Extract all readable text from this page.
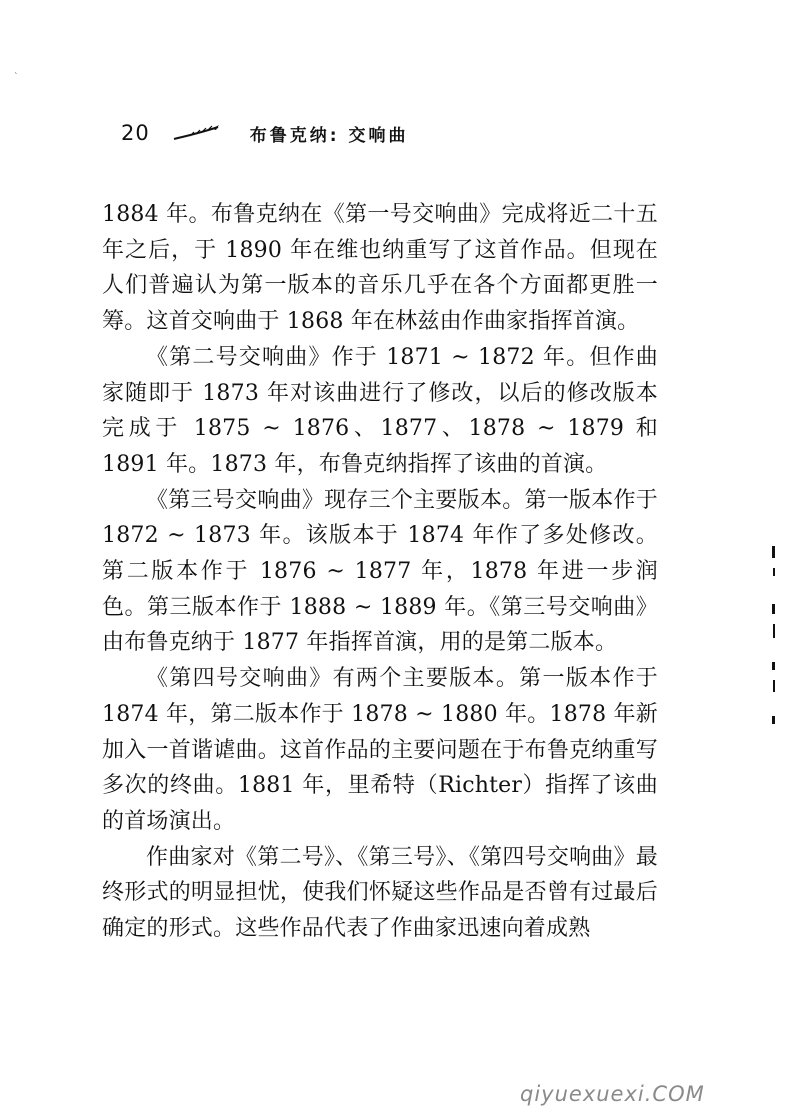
ˋ
20	布鲁克纳: 交响曲

1884 年。布鲁克纳在《第一号交响曲》完成将近二十五年之后，于 1890 年在维也纳重写了这首作品。但现在人们普遍认为第一版本的音乐几乎在各个方面都更胜一筹。这首交响曲于 1868 年在林兹由作曲家指挥首演。

《第二号交响曲》作于 1871 ~ 1872 年。但作曲家随即于 1873 年对该曲进行了修改，以后的修改版本完成于 1875 ~ 1876、1877、1878 ~ 1879 和 1891 年。1873 年，布鲁克纳指挥了该曲的首演。

《第三号交响曲》现存三个主要版本。第一版本作于 1872 ~ 1873 年。该版本于 1874 年作了多处修改。第二版本作于 1876 ~ 1877 年，1878 年进一步润色。第三版本作于 1888 ~ 1889 年。《第三号交响曲》由布鲁克纳于 1877 年指挥首演，用的是第二版本。

《第四号交响曲》有两个主要版本。第一版本作于 1874 年，第二版本作于 1878 ~ 1880 年。1878 年新加入一首谐谑曲。这首作品的主要问题在于布鲁克纳重写多次的终曲。1881 年，里希特（Richter）指挥了该曲的首场演出。

作曲家对《第二号》、《第三号》、《第四号交响曲》最终形式的明显担忧，使我们怀疑这些作品是否曾有过最后确定的形式。这些作品代表了作曲家迅速向着成熟

qiyuexuexi.COM
